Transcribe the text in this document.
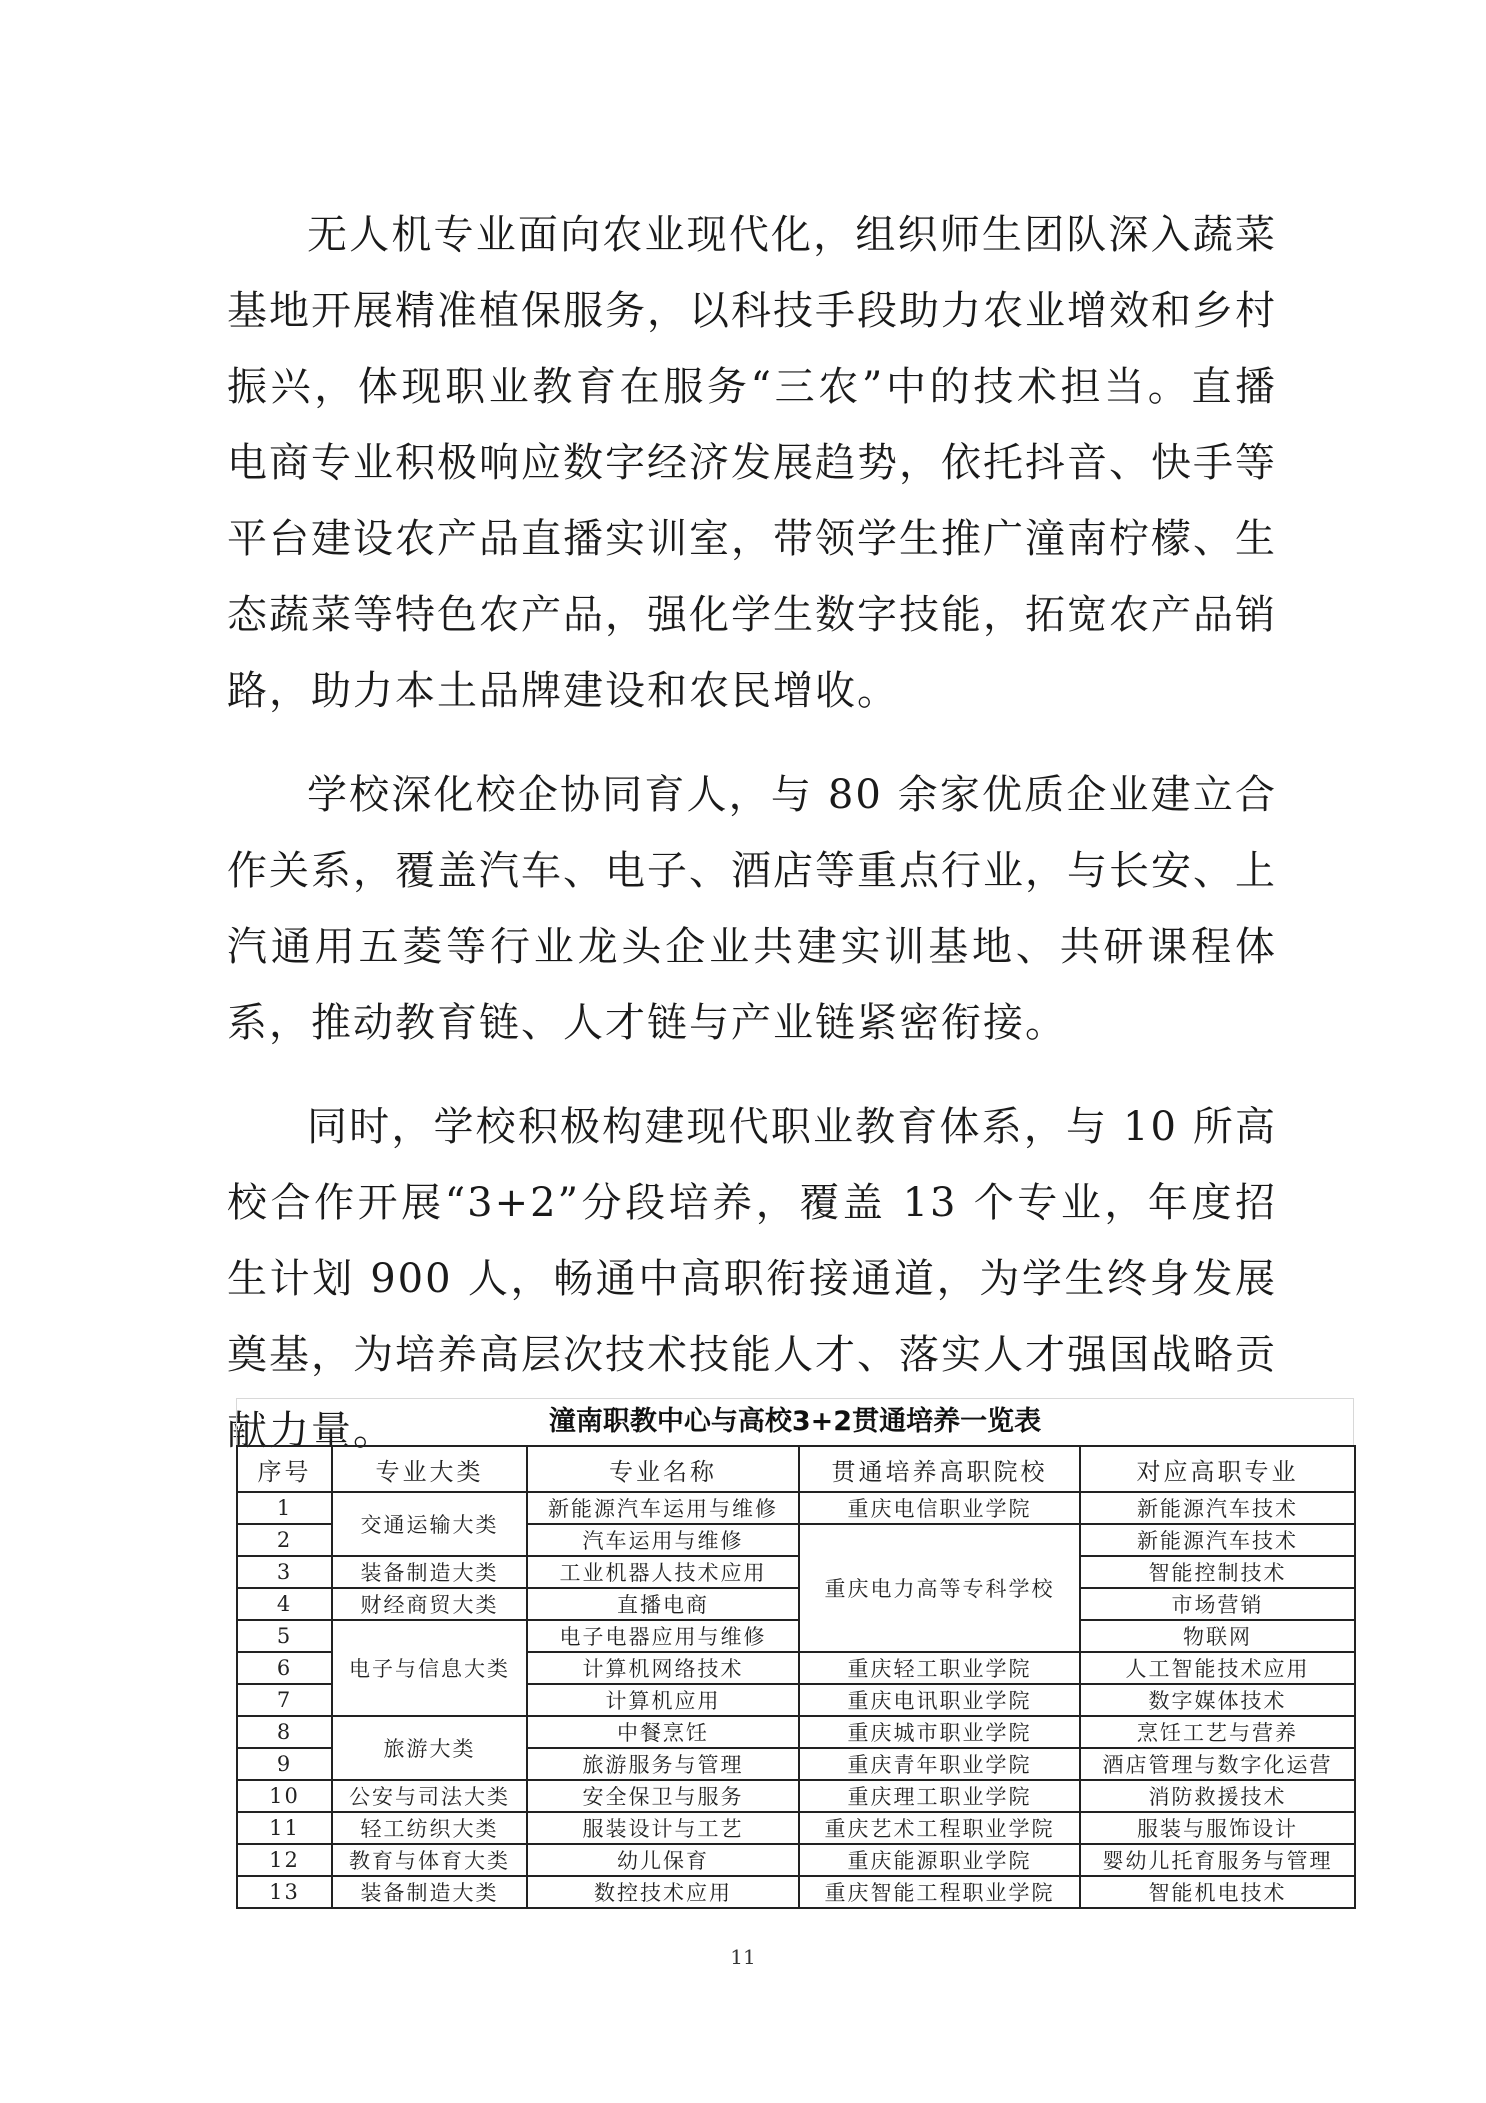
无人机专业面向农业现代化，组织师生团队深入蔬菜基地开展精准植保服务，以科技手段助力农业增效和乡村振兴，体现职业教育在服务“三农”中的技术担当。直播电商专业积极响应数字经济发展趋势，依托抖音、快手等平台建设农产品直播实训室，带领学生推广潼南柠檬、生态蔬菜等特色农产品，强化学生数字技能，拓宽农产品销路，助力本土品牌建设和农民增收。

学校深化校企协同育人，与 80 余家优质企业建立合作关系，覆盖汽车、电子、酒店等重点行业，与长安、上汽通用五菱等行业龙头企业共建实训基地、共研课程体系，推动教育链、人才链与产业链紧密衔接。

同时，学校积极构建现代职业教育体系，与 10 所高校合作开展“3+2”分段培养，覆盖 13 个专业，年度招生计划 900 人，畅通中高职衔接通道，为学生终身发展奠基，为培养高层次技术技能人才、落实人才强国战略贡献力量。	潼南职教中心与高校3+2贯通培养一览表
序号	专业大类	专业名称	贯通培养高职院校	对应高职专业
1	交通运输大类	新能源汽车运用与维修	重庆电信职业学院	新能源汽车技术
2		汽车运用与维修	重庆电力高等专科学校	新能源汽车技术
3	装备制造大类	工业机器人技术应用		智能控制技术
4	财经商贸大类	直播电商		市场营销
5	电子与信息大类	电子电器应用与维修		物联网
6		计算机网络技术	重庆轻工职业学院	人工智能技术应用
7		计算机应用	重庆电讯职业学院	数字媒体技术
8	旅游大类	中餐烹饪	重庆城市职业学院	烹饪工艺与营养
9		旅游服务与管理	重庆青年职业学院	酒店管理与数字化运营
10	公安与司法大类	安全保卫与服务	重庆理工职业学院	消防救援技术
11	轻工纺织大类	服装设计与工艺	重庆艺术工程职业学院	服装与服饰设计
12	教育与体育大类	幼儿保育	重庆能源职业学院	婴幼儿托育服务与管理
13	装备制造大类	数控技术应用	重庆智能工程职业学院	智能机电技术
11
